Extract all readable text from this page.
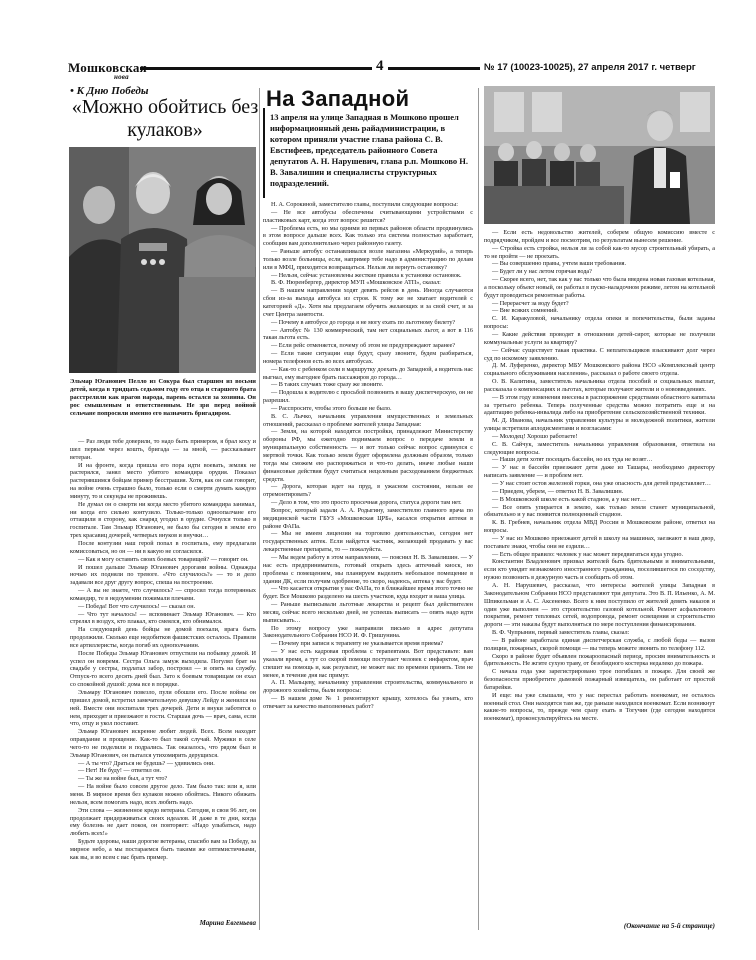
Мошковская
нова
4	№ 17 (10023-10025), 27 апреля 2017 г. четверг
• К Дню Победы
«Можно обойтись без кулаков»
Эльмар Юганович Пелло из Сокура был старшим из восьми детей, когда в тридцать седьмом году его отца и старшего брата расстреляли как врагов народа, парень остался за хозяина. Он рос смышленым и ответственным. Не зря перед войной сельчане попросили именно его назначить бригадиром.

— Раз люди тебе доверили, то надо быть примером, я брал косу и шел первым через кошть, бригада — за мной, — рассказывает ветеран.

И на фронте, когда пришла его пора идти воевать, земляк не растерялся, занял место убитого командира орудия. Показал растерявшимся бойцам пример бесстрашия. Хотя, как он сам говорит, на войне очень страшно было, только если о смерти думать каждую минуту, то и секунды не проживешь.

Не думал он о смерти ни когда место убитого командира занимал, ни когда его сильно контузило. Только-только одноопалчане его оттащили в сторону, как снаряд угодил в орудие. Очнулся только в госпитале. Там Эльмар Юганович, не было бы сегодня в земле его трех красавиц дочерей, четверых внуков и внучки…

После контузии наш герой попал в госпиталь, ему предлагали комиссоваться, но он — ни в какую не согласился.

— Как я могу оставить своих боевых товарищей? — говорит он.

И пошел дальше Эльмар Юганович дорогами войны. Однажды ночью их подняли по тревоге. «Что случилось?» — то и дело задавали все друг другу вопрос, спеша на построение.

— А вы не знаете, что случилось? — спросил тогда потерянных командир, те в недоумении пожимали плечами.

— Победа! Вот что случилось! — сказал он.

— Что тут началось! — вспоминает Эльмар Юганович. — Кто стрелял в воздух, кто плакал, кто смеялся, кто обнимался.

На следующий день бойцы не домой поехали, врага быть продолжили. Сколько еще недобитков фашистских осталось. Правили все артиллеристы, когда погиб их однополчанин.

После Победы Эльмар Юганович отпустили на побывку домой. И успел он вовремя. Сестра Ольга замуж выходила. Погулял брат на свадьбе у сестры, подлатал забор, построил — и опять на службу. Отпуск-то всего десять дней был. Зато к боевым товарищам он ехал со спокойной душой: дома все в порядке.

Эльмару Юганович повезло, пули обошли его. После войны он пришел домой, встретил замечательную девушку Лейду и женился на ней. Вместе они воспитали трех дочерей. Дети и внуки заботятся о нем, приходят и приезжают в гости. Старшая дочь — врач, сама, если что, отцу и укол поставит.

Эльмар Юганович искренне любит людей. Всех. Всем находит оправдание и прощение. Как-то был такой случай. Мужики в селе чего-то не поделили и подрались. Так оказалось, что рядом был и Эльмар Юганович, он пытался утихомирить дерущихся.

— А ты что? Драться не будешь? — удивились они.

— Нет! Не буду! — ответил он.

— Ты же на войне был, а тут что?

— На войне было совсем другое дело. Там было так: или я, или меня. В мирное время без кулаков можно обойтись. Никого обижать нельзя, всем помогать надо, всех любить надо.

Эти слова — жизненное кредо ветерана. Сегодня, в свои 96 лет, он продолжает придерживаться своих идеалов. И даже в те дни, когда ему болезнь не дает покоя, он повторяет: «Надо улыбаться, надо любить всех!»

Будьте здоровы, наши дорогие ветераны, спасибо вам за Победу, за мирное небо, а мы постараемся быть такими же оптимистичными, как вы, и во всем с вас брать пример.

Марина Евгеньева
На Западной
13 апреля на улице Западная в Мошково прошел информационный день райадминистрации, в котором приняли участие глава района С. В. Евстифеев, председатель районного Совета депутатов А. Н. Нарушевич, глава р.п. Мошково Н. В. Завалишин и специалисты структурных подразделений.

Н. А. Сорокиной, заместителю главы, поступили следующие вопросы:

— Не все автобусы обеспечены считывающими устройствами с пластиковых карт, когда этот вопрос решится?

— Проблема есть, но мы одними из первых районов области продвинулись в этом вопросе дальше всех. Как только эта система полностью заработает, сообщим вам дополнительно через районную газету.

— Раньше автобус останавливался возле магазина «Меркурий», а теперь только возле больницы, если, например тебе надо в администрацию по делам или в МФЦ, приходится возвращаться. Нельзя ли вернуть остановку?

— Нельзя, сейчас установлены жесткие правила к установке остановок.

В. Ф. Нюренбергер, директор МУП «Мошковское АТП», сказал:

— В нашем направлении ходят девять рейсов в день. Иногда случаются сбои из-за выхода автобуса из строя. К тому же не хватает водителей с категорией «Д». Хотя мы предлагаем обучить желающих и за свой счет, и за счет Центра занятости.

— Почему в автобусе до города я не могу ехать по льготному билету?

— Автобус № 130 коммерческий, там нет социальных льгот, а вот в 116 такая льгота есть.

— Если рейс отменяется, почему об этом не предупреждают заранее?

— Если такие ситуации еще будут, сразу звоните, будем разбираться, номера телефонов есть во всех автобусах.

— Как-то с ребенком сели в маршрутку доехать до Западной, а водитель нас выгнал, ему выгоднее брать пассажиров до города…

— В таких случаях тоже сразу же звоните.

— Подошла к водителю с просьбой позвонить в вашу диспетчерскую, он не разрешил.

— Расспросите, чтобы этого больше не было.

В. С. Лычко, начальник управления имущественных и земельных отношений, рассказал о проблеме жителей улицы Западная:

— Земля, на которой находятся постройки, принадлежит Министерству обороны РФ, мы ежегодно поднимаем вопрос о передаче земли в муниципальную собственность — и вот только сейчас вопрос сдвинулся с мертвой точки. Как только земля будет оформлена должным образом, только тогда мы сможем ею распоряжаться и что-то делать, иначе любые наши финансовые действия будут считаться нецелевым расходованием бюджетных средств.

— Дорога, которая идет на пруд, в ужасном состоянии, нельзя ее отремонтировать?

— Дело в том, что это просто просечная дорога, статуса дороги там нет.

Вопрос, который задали А. А. Родыгину, заместителю главного врача по медицинской части ГБУЗ «Мошковская ЦРБ», касался открытия аптеки в районе ФАПа.

— Мы не имеем лицензии на торговлю деятельностью, сегодня нет государственных аптек. Если найдется частник, желающий продавать у вас лекарственные препараты, то — пожалуйста.

— Мы ведем работу в этом направлении, — пояснил Н. В. Завалишин. — У нас есть предприниматель, готовый открыть здесь аптечный киоск, но проблема с помещением, мы планируем выделить небольшое помещение в здании ДК, если получим одобрение, то скоро, надеюсь, аптека у вас будет.

— Что касается открытия у вас ФАПа, то в ближайшее время этого точно не будет. Все Мошково разделено на шесть участков, куда входит и ваша улица.

— Раньше выписывали льготные лекарства и рецепт был действителен месяц, сейчас всего несколько дней, не успеешь выписать — опять надо идти выписывать…

По этому вопросу уже направили письмо в адрес депутата Законодательного Собрания НСО И. Ф. Гришунина.

— Почему при записи к терапевту не указывается время приема?

— У нас есть кадровая проблема с терапевтами. Вот представьте: вам указали время, а тут со скорой помощи поступает человек с инфарктом, врач спешит на помощь и, как результат, не может вас по времени принять. Тем не менее, в течение дня вас примут.

А. П. Мальцеву, начальнику управления строительства, коммунального и дорожного хозяйства, были вопросы:

— В нашем доме № 1 ремонтируют крышу, хотелось бы узнать, кто отвечает за качество выполненных работ?

— Если есть недовольство жителей, соберем общую комиссию вместе с подрядчиком, пройдем и все посмотрим, по результатам вынесем решение.

— Стройка есть стройка, нельзя ли за собой как-то мусор строительный убирать, а то не пройти — не проехать.

— Вы совершенно правы, учтем ваши требования.

— Будет ли у нас летом горячая вода?

— Скорее всего, нет, так как у вас только что была введена новая газовая котельная, а поскольку объект новый, он работал в пуско-наладочном режиме, летом на котельной будут проводиться ремонтные работы.

— Перерасчет за воду будет?

— Вне всяких сомнений.

С. И. Каракуловой, начальнику отдела опеки и попечительства, были заданы вопросы:

— Какие действия проводят в отношении детей-сирот, которые не получили коммунальные услуги за квартиру?

— Сейчас существует такая практика. С неплательщиков взыскивают долг через суд по искомому заявлению.

Д. М. Луференко, директор МБУ Мошковского района НСО «Комплексный центр социального обслуживания населения», рассказал о работе своего отдела.

О. В. Калитина, заместитель начальника отдела пособий и социальных выплат, рассказала о компенсациях и льготах, которые получают жители и о нововведениях.

— В этом году изменения внесены в распоряжение средствами областного капитала за третьего ребенка. Теперь полученные средства можно потратить еще и на адаптацию ребенка-инвалида либо на приобретение сельскохозяйственной техники.

М. Д. Иванова, начальник управления культуры и молодежной политики, жители улицы встретили аплодисментами и возгласами:

— Молодец! Хорошо работаете!

С. В. Сайчук, заместитель начальника управления образования, ответила на следующие вопросы.

— Наши дети хотят посещать бассейн, но их туда не возят…

— У нас в бассейн приезжают дети даже из Ташары, необходимо директору написать заявление — и проблем нет.

— У нас стоит остов железной горки, она уже опасность для детей представляет…

— Приедем, уберем, — ответил Н. В. Завалишин.

— В Мошковской школе есть какой стадион, а у нас нет…

— Все опять упирается в землю, как только земля станет муниципальной, обязательно и у вас появится полноценный стадион.

К. В. Гребнев, начальник отдела МВД России в Мошковском районе, ответил на вопросы.

— У нас из Мошково приезжают детей в школу на машинах, заезжают в наш двор, поставьте знаки, чтобы они не ездили…

— Есть общее правило: человек у нас может передвигаться куда угодно.

Константин Владленович призвал жителей быть бдительными и внимательными, если кто увидит незнакомого иностранного гражданина, поселившегося по соседству, нужно позвонить в дежурную часть и сообщить об этом.

А. Н. Нарушевич, рассказал, что интересы жителей улицы Западная в Законодательном Собрании НСО представляют три депутата. Это В. П. Ильенко, А. М. Шпикельман и А. С. Аксененко. Всего к ним поступило от жителей девять наказов и один уже выполнен — это строительство газовой котельной. Ремонт асфальтового покрытия, ремонт тепловых сетей, водопровода, ремонт освещения и строительство дороги — эти наказы будут выполняться по мере поступления финансирования.

В. Ф. Чупрынин, первый заместитель главы, сказал:

— В районе заработала единая диспетчерская служба, с любой беды — вызов полиции, пожарных, скорой помощи — вы теперь можете звонить по телефону 112.

Скоро в районе будет объявлен пожароопасный период, просим внимательность и бдительность. Не жгите сухую траву, от безобидного костерка недалеко до пожара.

С начала года уже зарегистрировано трое погибших в пожаре. Для своей же безопасности приобретите дымовой пожарный извещатель, он работает от простой батарейки.

И еще: вы уже слышали, что у нас перестал работать военкомат, не осталось военный стол. Они находятся там же, где раньше находился военкомат. Если возникнут какие-то вопросы, то, прежде чем сразу ехать в Тогучин (где сегодня находится военкомат), проконсультируйтесь на месте.

(Окончание на 5-й странице)
